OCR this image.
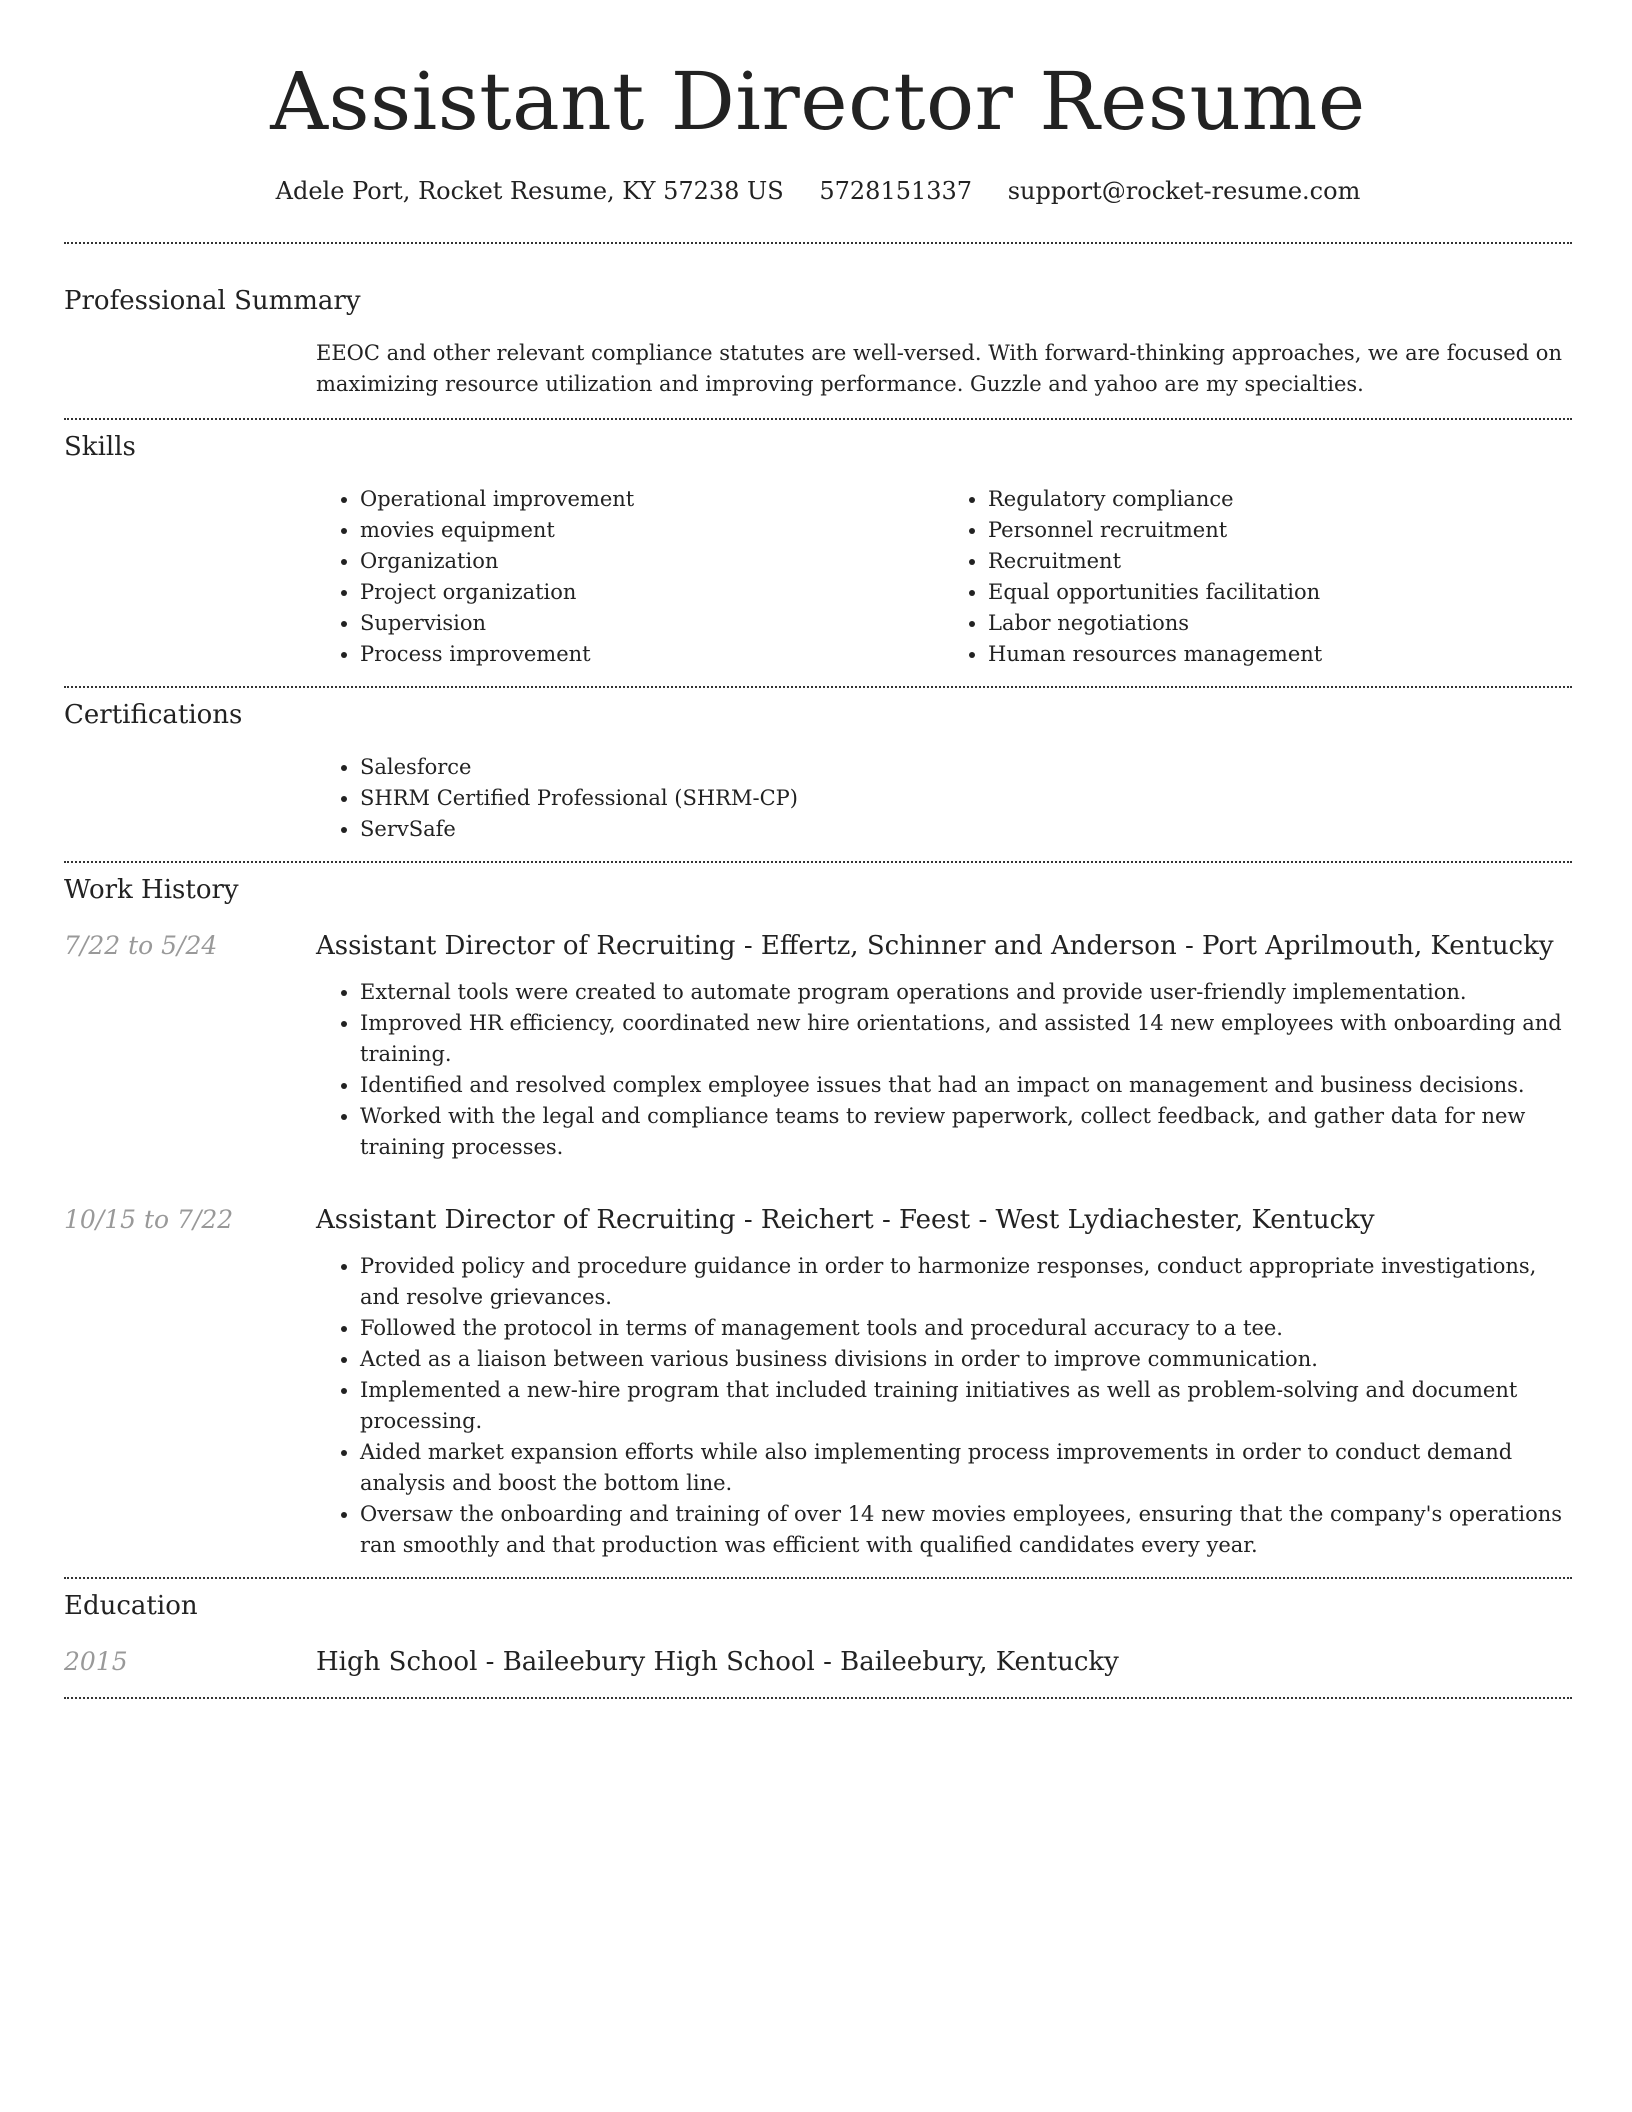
Assistant Director Resume
Adele Port, Rocket Resume, KY 57238 US 5728151337 support@rocket-resume.com
Professional Summary

EEOC and other relevant compliance statutes are well-versed. With forward-thinking approaches, we are focused on maximizing resource utilization and improving performance. Guzzle and yahoo are my specialties.

Skills
• Operational improvement
• movies equipment
• Organization
• Project organization
• Supervision
• Process improvement
• Regulatory compliance
• Personnel recruitment
• Recruitment
• Equal opportunities facilitation
• Labor negotiations
• Human resources management
Certifications
• Salesforce
• SHRM Certified Professional (SHRM-CP)
• ServSafe
Work History
7/22 to 5/24	Assistant Director of Recruiting - Effertz, Schinner and Anderson - Port Aprilmouth, Kentucky
• External tools were created to automate program operations and provide user-friendly implementation.
• Improved HR efficiency, coordinated new hire orientations, and assisted 14 new employees with onboarding and training.
• Identified and resolved complex employee issues that had an impact on management and business decisions.
• Worked with the legal and compliance teams to review paperwork, collect feedback, and gather data for new training processes.
10/15 to 7/22	Assistant Director of Recruiting - Reichert - Feest - West Lydiachester, Kentucky
• Provided policy and procedure guidance in order to harmonize responses, conduct appropriate investigations, and resolve grievances.
• Followed the protocol in terms of management tools and procedural accuracy to a tee.
• Acted as a liaison between various business divisions in order to improve communication.
• Implemented a new-hire program that included training initiatives as well as problem-solving and document processing.
• Aided market expansion efforts while also implementing process improvements in order to conduct demand analysis and boost the bottom line.
• Oversaw the onboarding and training of over 14 new movies employees, ensuring that the company's operations ran smoothly and that production was efficient with qualified candidates every year.
Education
2015	High School - Baileebury High School - Baileebury, Kentucky
